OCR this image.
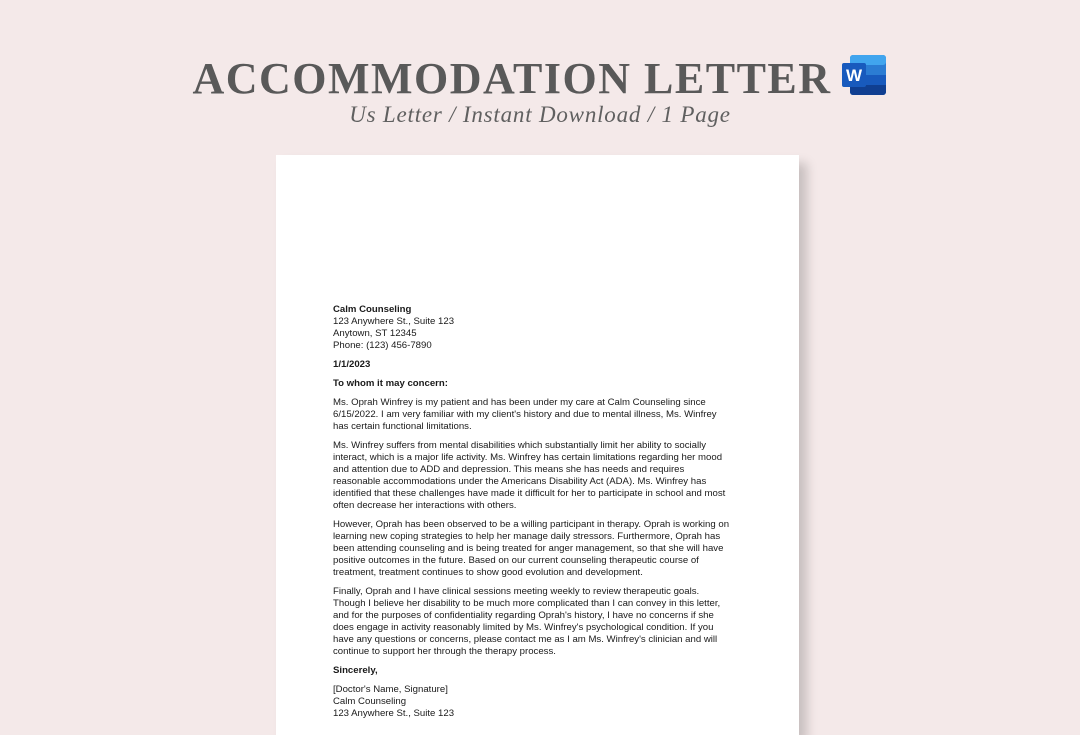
ACCOMMODATION LETTER W
Us Letter / Instant Download / 1 Page
Calm Counseling
123 Anywhere St., Suite 123
Anytown, ST 12345
Phone: (123) 456-7890

1/1/2023

To whom it may concern:

Ms. Oprah Winfrey is my patient and has been under my care at Calm Counseling since 6/15/2022. I am very familiar with my client's history and due to mental illness, Ms. Winfrey has certain functional limitations.

Ms. Winfrey suffers from mental disabilities which substantially limit her ability to socially interact, which is a major life activity. Ms. Winfrey has certain limitations regarding her mood and attention due to ADD and depression. This means she has needs and requires reasonable accommodations under the Americans Disability Act (ADA). Ms. Winfrey has identified that these challenges have made it difficult for her to participate in school and most often decrease her interactions with others.

However, Oprah has been observed to be a willing participant in therapy. Oprah is working on learning new coping strategies to help her manage daily stressors. Furthermore, Oprah has been attending counseling and is being treated for anger management, so that she will have positive outcomes in the future. Based on our current counseling therapeutic course of treatment, treatment continues to show good evolution and development.

Finally, Oprah and I have clinical sessions meeting weekly to review therapeutic goals. Though I believe her disability to be much more complicated than I can convey in this letter, and for the purposes of confidentiality regarding Oprah's history, I have no concerns if she does engage in activity reasonably limited by Ms. Winfrey's psychological condition. If you have any questions or concerns, please contact me as I am Ms. Winfrey's clinician and will continue to support her through the therapy process.

Sincerely,

[Doctor's Name, Signature]
Calm Counseling
123 Anywhere St., Suite 123
